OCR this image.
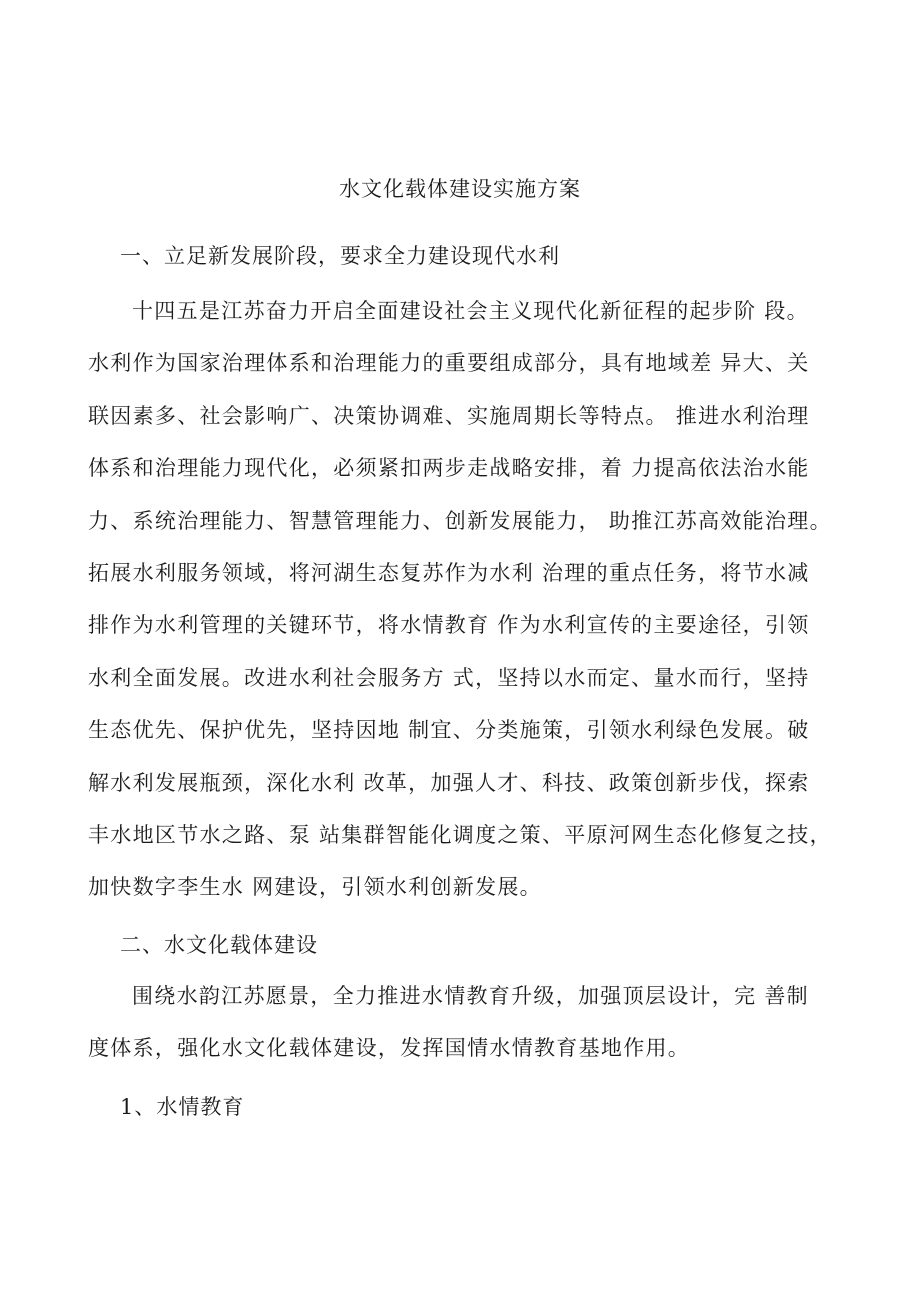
水文化载体建设实施方案
一、立足新发展阶段，要求全力建设现代水利
十四五是江苏奋力开启全面建设社会主义现代化新征程的起步阶 段。
水利作为国家治理体系和治理能力的重要组成部分，具有地域差 异大、关
联因素多、社会影响广、决策协调难、实施周期长等特点。 推进水利治理
体系和治理能力现代化，必须紧扣两步走战略安排，着 力提高依法治水能
力、系统治理能力、智慧管理能力、创新发展能力， 助推江苏高效能治理。
拓展水利服务领域，将河湖生态复苏作为水利 治理的重点任务，将节水减
排作为水利管理的关键环节，将水情教育 作为水利宣传的主要途径，引领
水利全面发展。改进水利社会服务方 式，坚持以水而定、量水而行，坚持
生态优先、保护优先，坚持因地 制宜、分类施策，引领水利绿色发展。破
解水利发展瓶颈，深化水利 改革，加强人才、科技、政策创新步伐，探索
丰水地区节水之路、泵 站集群智能化调度之策、平原河网生态化修复之技，
加快数字李生水 网建设，引领水利创新发展。
二、水文化载体建设
围绕水韵江苏愿景，全力推进水情教育升级，加强顶层设计，完 善制
度体系，强化水文化载体建设，发挥国情水情教育基地作用。
1、水情教育
